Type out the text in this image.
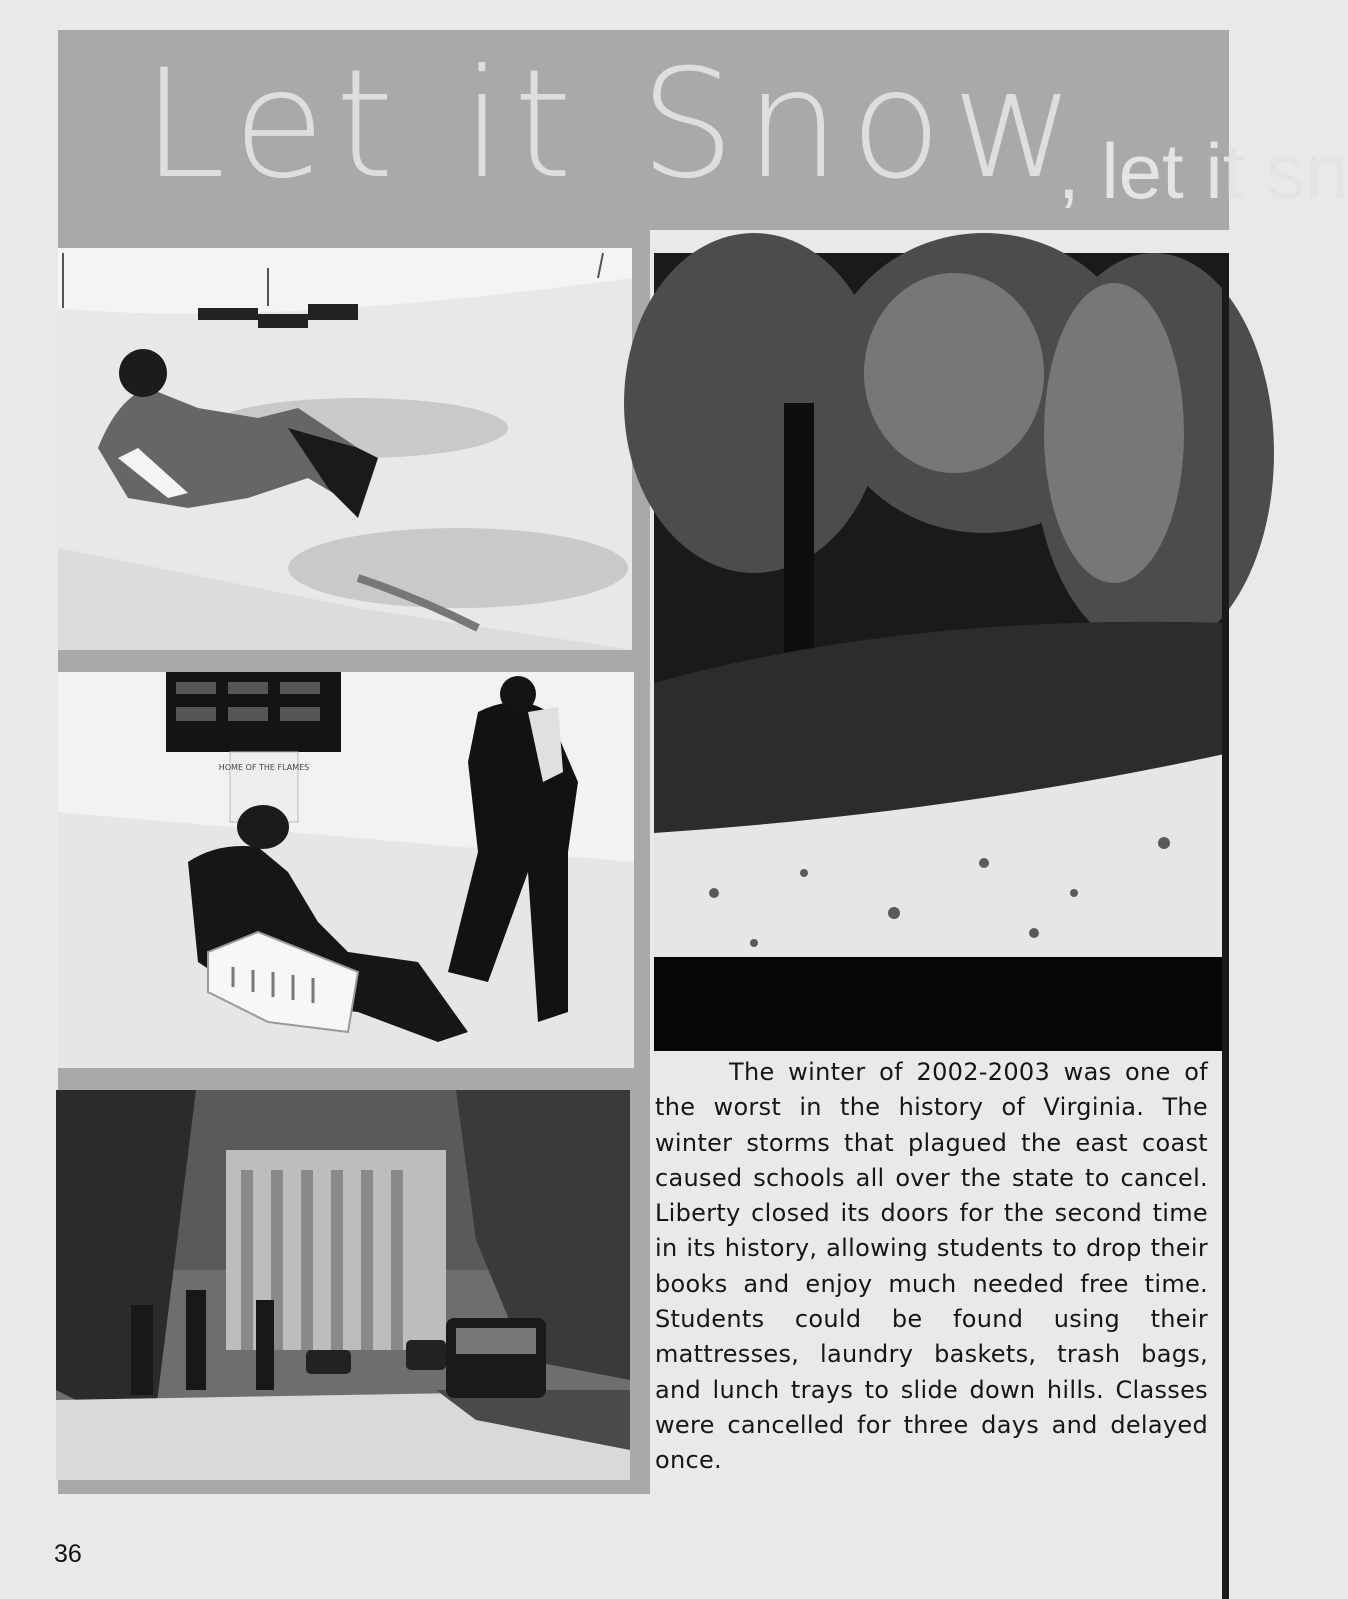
Let it Snow
, let it sn
HOME OF THE FLAMES

The winter of 2002-2003 was one of the worst in the history of Virginia. The winter storms that plagued the east coast caused schools all over the state to cancel. Liberty closed its doors for the second time in its history, allowing students to drop their books and enjoy much needed free time. Students could be found using their mattresses, laundry baskets, trash bags, and lunch trays to slide down hills. Classes were cancelled for three days and delayed once.

36
